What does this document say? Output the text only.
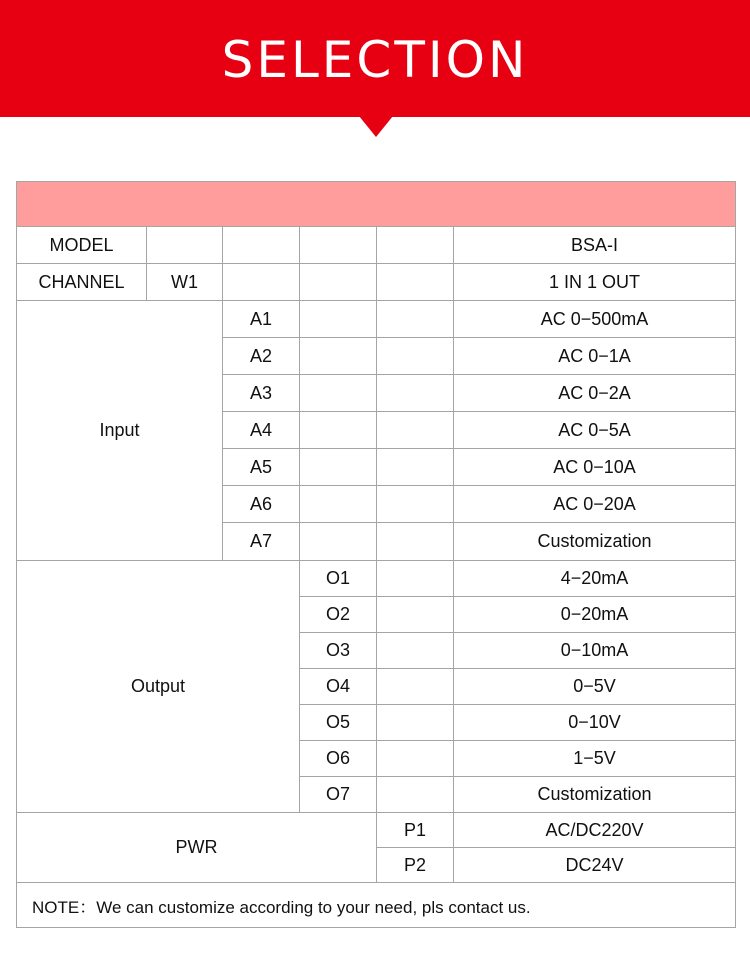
SELECTION

MODEL					BSA-I
CHANNEL	W1				1 IN 1 OUT
Input		A1			AC 0−500mA
		A2			AC 0−1A
		A3			AC 0−2A
		A4			AC 0−5A
		A5			AC 0−10A
		A6			AC 0−20A
		A7			Customization
Output			O1		4−20mA
			O2		0−20mA
			O3		0−10mA
			O4		0−5V
			O5		0−10V
			O6		1−5V
			O7		Customization
PWR				P1	AC/DC220V
				P2	DC24V
NOTE：We can customize according to your need, pls contact us.					
